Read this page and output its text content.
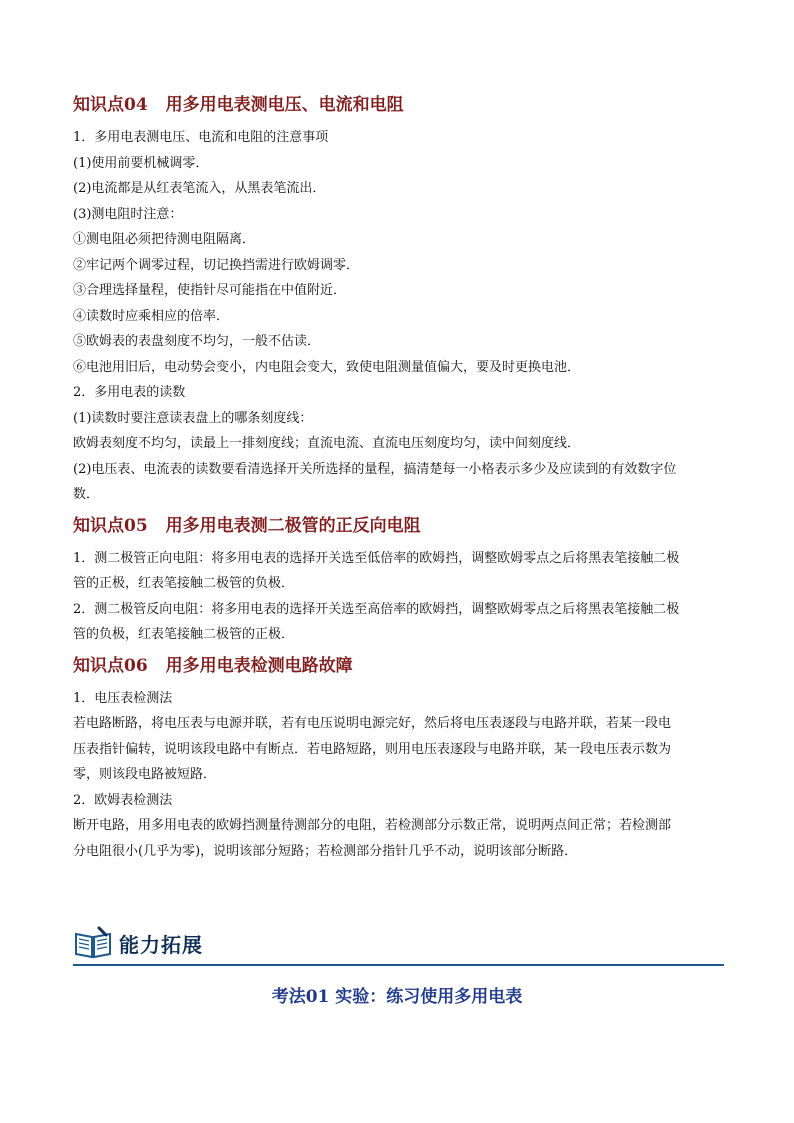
知识点04 用多用电表测电压、电流和电阻

1．多用电表测电压、电流和电阻的注意事项

(1)使用前要机械调零．

(2)电流都是从红表笔流入，从黑表笔流出．

(3)测电阻时注意：

①测电阻必须把待测电阻隔离．

②牢记两个调零过程，切记换挡需进行欧姆调零．

③合理选择量程，使指针尽可能指在中值附近．

④读数时应乘相应的倍率．

⑤欧姆表的表盘刻度不均匀，一般不估读．

⑥电池用旧后，电动势会变小，内电阻会变大，致使电阻测量值偏大，要及时更换电池．

2．多用电表的读数

(1)读数时要注意读表盘上的哪条刻度线：

欧姆表刻度不均匀，读最上一排刻度线；直流电流、直流电压刻度均匀，读中间刻度线．

(2)电压表、电流表的读数要看清选择开关所选择的量程，搞清楚每一小格表示多少及应读到的有效数字位

数．

知识点05 用多用电表测二极管的正反向电阻

1．测二极管正向电阻：将多用电表的选择开关选至低倍率的欧姆挡，调整欧姆零点之后将黑表笔接触二极

管的正极，红表笔接触二极管的负极．

2．测二极管反向电阻：将多用电表的选择开关选至高倍率的欧姆挡，调整欧姆零点之后将黑表笔接触二极

管的负极，红表笔接触二极管的正极．

知识点06 用多用电表检测电路故障

1．电压表检测法

若电路断路，将电压表与电源并联，若有电压说明电源完好，然后将电压表逐段与电路并联，若某一段电

压表指针偏转，说明该段电路中有断点．若电路短路，则用电压表逐段与电路并联，某一段电压表示数为

零，则该段电路被短路．

2．欧姆表检测法

断开电路，用多用电表的欧姆挡测量待测部分的电阻，若检测部分示数正常，说明两点间正常；若检测部

分电阻很小(几乎为零)，说明该部分短路；若检测部分指针几乎不动，说明该部分断路．

能力拓展
考法01 实验：练习使用多用电表
